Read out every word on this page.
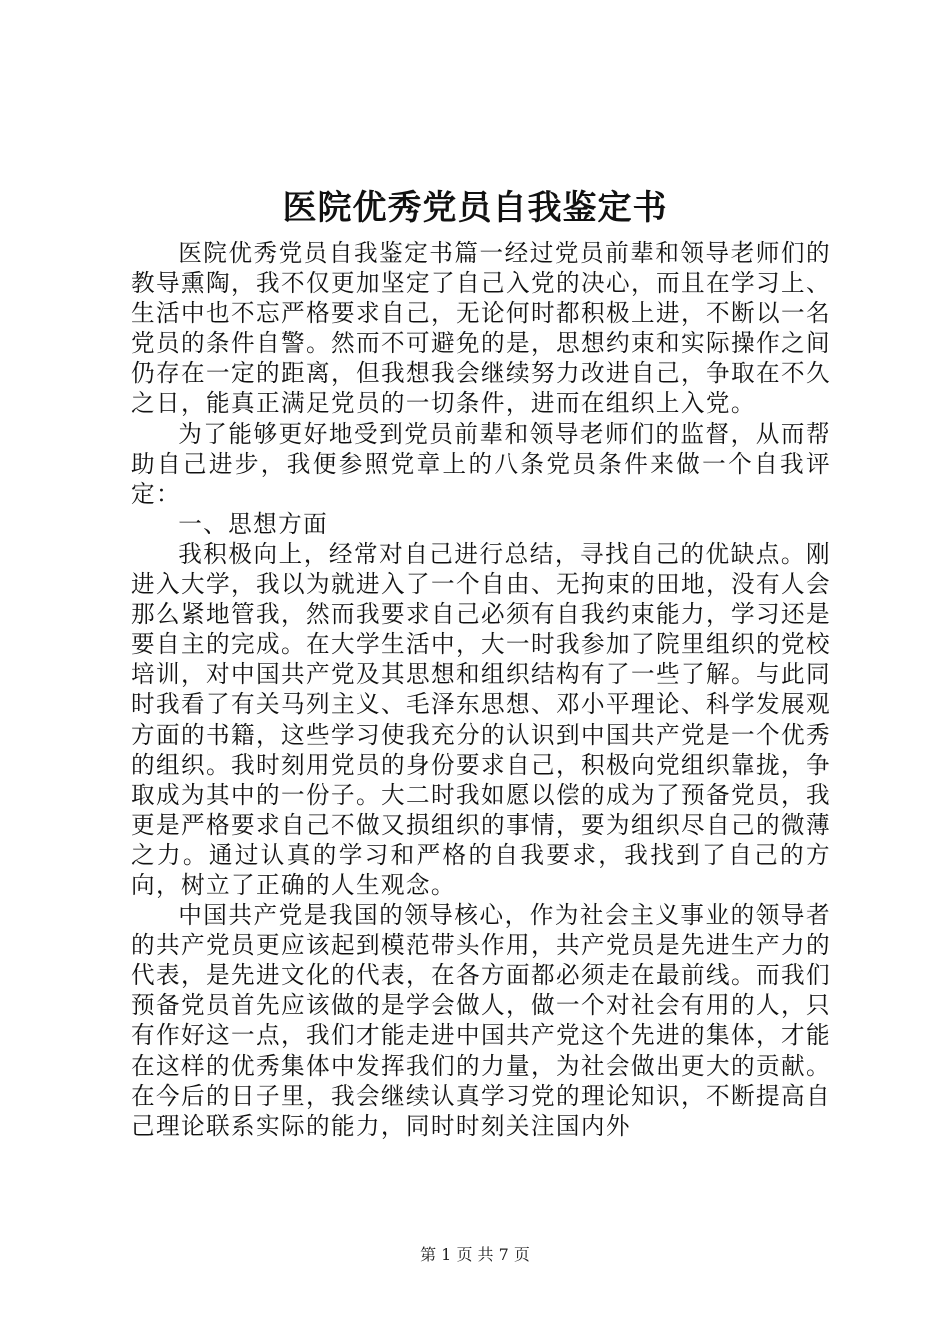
医院优秀党员自我鉴定书

医院优秀党员自我鉴定书篇一经过党员前辈和领导老师们的教导熏陶，我不仅更加坚定了自己入党的决心，而且在学习上、生活中也不忘严格要求自己，无论何时都积极上进，不断以一名党员的条件自警。然而不可避免的是，思想约束和实际操作之间仍存在一定的距离，但我想我会继续努力改进自己，争取在不久之日，能真正满足党员的一切条件，进而在组织上入党。

为了能够更好地受到党员前辈和领导老师们的监督，从而帮助自己进步，我便参照党章上的八条党员条件来做一个自我评定：

一、思想方面

我积极向上，经常对自己进行总结，寻找自己的优缺点。刚进入大学，我以为就进入了一个自由、无拘束的田地，没有人会那么紧地管我，然而我要求自己必须有自我约束能力，学习还是要自主的完成。在大学生活中，大一时我参加了院里组织的党校培训，对中国共产党及其思想和组织结构有了一些了解。与此同时我看了有关马列主义、毛泽东思想、邓小平理论、科学发展观方面的书籍，这些学习使我充分的认识到中国共产党是一个优秀的组织。我时刻用党员的身份要求自己，积极向党组织靠拢，争取成为其中的一份子。大二时我如愿以偿的成为了预备党员，我更是严格要求自己不做又损组织的事情，要为组织尽自己的微薄之力。通过认真的学习和严格的自我要求，我找到了自己的方向，树立了正确的人生观念。

中国共产党是我国的领导核心，作为社会主义事业的领导者的共产党员更应该起到模范带头作用，共产党员是先进生产力的代表，是先进文化的代表，在各方面都必须走在最前线。而我们预备党员首先应该做的是学会做人，做一个对社会有用的人，只有作好这一点，我们才能走进中国共产党这个先进的集体，才能在这样的优秀集体中发挥我们的力量，为社会做出更大的贡献。在今后的日子里，我会继续认真学习党的理论知识，不断提高自己理论联系实际的能力，同时时刻关注国内外

第 1 页 共 7 页
